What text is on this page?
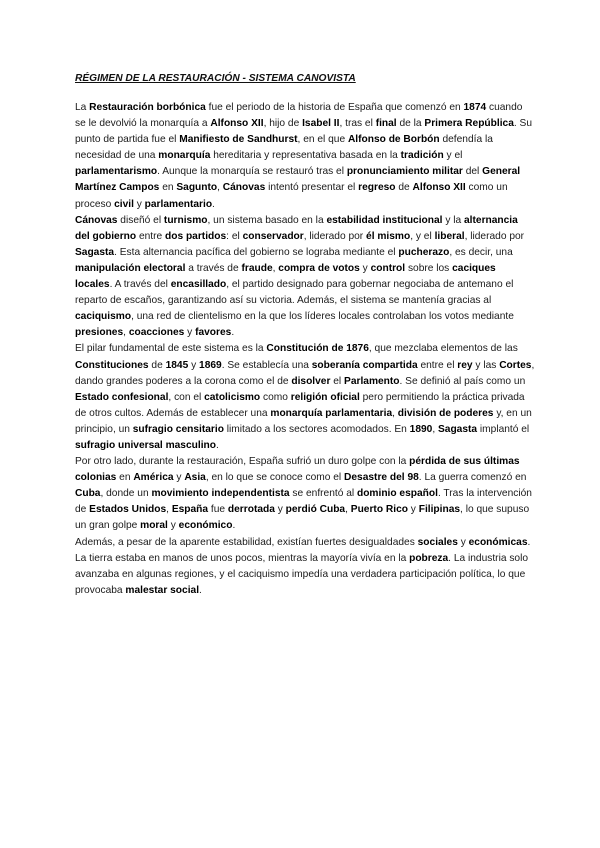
RÉGIMEN DE LA RESTAURACIÓN - SISTEMA CANOVISTA

La Restauración borbónica fue el periodo de la historia de España que comenzó en 1874 cuando se le devolvió la monarquía a Alfonso XII, hijo de Isabel II, tras el final de la Primera República. Su punto de partida fue el Manifiesto de Sandhurst, en el que Alfonso de Borbón defendía la necesidad de una monarquía hereditaria y representativa basada en la tradición y el parlamentarismo. Aunque la monarquía se restauró tras el pronunciamiento militar del General Martínez Campos en Sagunto, Cánovas intentó presentar el regreso de Alfonso XII como un proceso civil y parlamentario.

Cánovas diseñó el turnismo, un sistema basado en la estabilidad institucional y la alternancia del gobierno entre dos partidos: el conservador, liderado por él mismo, y el liberal, liderado por Sagasta. Esta alternancia pacífica del gobierno se lograba mediante el pucherazo, es decir, una manipulación electoral a través de fraude, compra de votos y control sobre los caciques locales. A través del encasillado, el partido designado para gobernar negociaba de antemano el reparto de escaños, garantizando así su victoria. Además, el sistema se mantenía gracias al caciquismo, una red de clientelismo en la que los líderes locales controlaban los votos mediante presiones, coacciones y favores.

El pilar fundamental de este sistema es la Constitución de 1876, que mezclaba elementos de las Constituciones de 1845 y 1869. Se establecía una soberanía compartida entre el rey y las Cortes, dando grandes poderes a la corona como el de disolver el Parlamento. Se definió al país como un Estado confesional, con el catolicismo como religión oficial pero permitiendo la práctica privada de otros cultos. Además de establecer una monarquía parlamentaria, división de poderes y, en un principio, un sufragio censitario limitado a los sectores acomodados. En 1890, Sagasta implantó el sufragio universal masculino.

Por otro lado, durante la restauración, España sufrió un duro golpe con la pérdida de sus últimas colonias en América y Asia, en lo que se conoce como el Desastre del 98. La guerra comenzó en Cuba, donde un movimiento independentista se enfrentó al dominio español. Tras la intervención de Estados Unidos, España fue derrotada y perdió Cuba, Puerto Rico y Filipinas, lo que supuso un gran golpe moral y económico.

Además, a pesar de la aparente estabilidad, existían fuertes desigualdades sociales y económicas. La tierra estaba en manos de unos pocos, mientras la mayoría vivía en la pobreza. La industria solo avanzaba en algunas regiones, y el caciquismo impedía una verdadera participación política, lo que provocaba malestar social.
